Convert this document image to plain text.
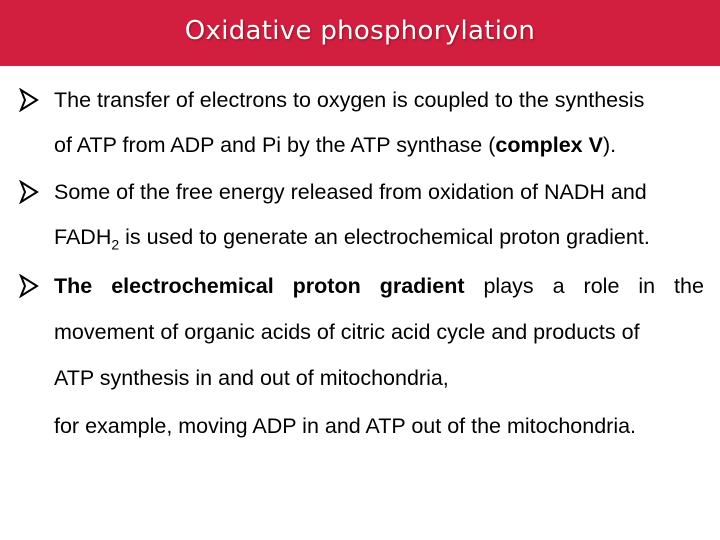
Oxidative phosphorylation
The transfer of electrons to oxygen is coupled to the synthesis
of ATP from ADP and Pi by the ATP synthase (complex V).
Some of the free energy released from oxidation of NADH and
$FADH_2$ is used to generate an electrochemical proton gradient.
The electrochemical proton gradient plays a role in the
movement of organic acids of citric acid cycle and products of
ATP synthesis in and out of mitochondria,
for example, moving ADP in and ATP out of the mitochondria.
